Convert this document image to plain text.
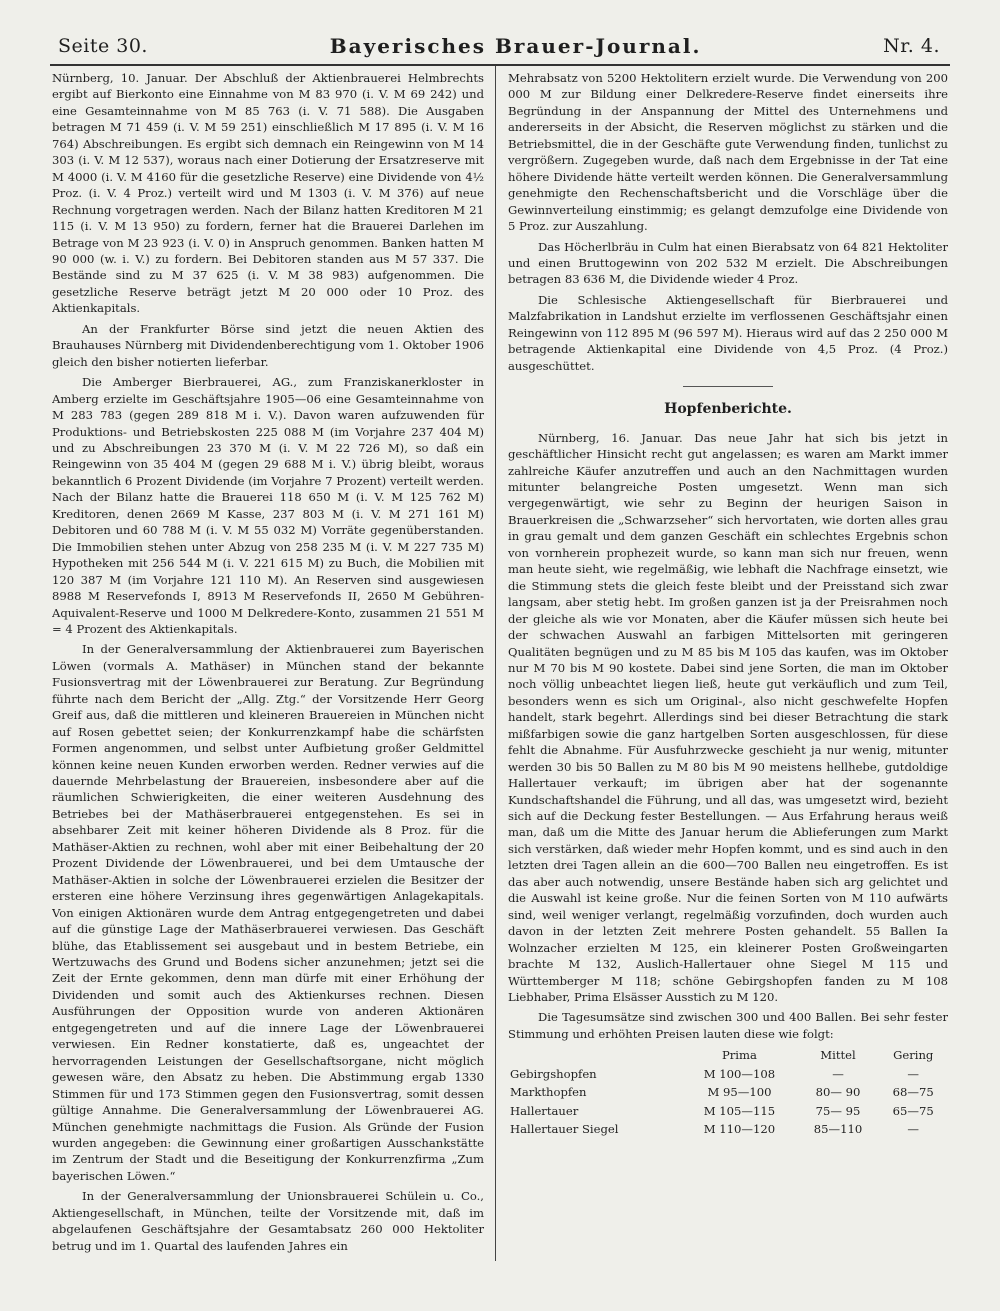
Seite 30.	Bayerisches Brauer-Journal.	Nr. 4.

Nürnberg, 10. Januar. Der Abschluß der Aktienbrauerei Helmbrechts ergibt auf Bierkonto eine Einnahme von M 83 970 (i. V. M 69 242) und eine Gesamteinnahme von M 85 763 (i. V. 71 588). Die Ausgaben betragen M 71 459 (i. V. M 59 251) einschließlich M 17 895 (i. V. M 16 764) Abschreibungen. Es ergibt sich demnach ein Reingewinn von M 14 303 (i. V. M 12 537), woraus nach einer Dotierung der Ersatzreserve mit M 4000 (i. V. M 4160 für die gesetzliche Reserve) eine Dividende von 4½ Proz. (i. V. 4 Proz.) verteilt wird und M 1303 (i. V. M 376) auf neue Rechnung vorgetragen werden. Nach der Bilanz hatten Kreditoren M 21 115 (i. V. M 13 950) zu fordern, ferner hat die Brauerei Darlehen im Betrage von M 23 923 (i. V. 0) in Anspruch genommen. Banken hatten M 90 000 (w. i. V.) zu fordern. Bei Debitoren standen aus M 57 337. Die Bestände sind zu M 37 625 (i. V. M 38 983) aufgenommen. Die gesetzliche Reserve beträgt jetzt M 20 000 oder 10 Proz. des Aktienkapitals.

An der Frankfurter Börse sind jetzt die neuen Aktien des Brauhauses Nürnberg mit Dividendenberechtigung vom 1. Oktober 1906 gleich den bisher notierten lieferbar.

Die Amberger Bierbrauerei, AG., zum Franziskanerkloster in Amberg erzielte im Geschäftsjahre 1905—06 eine Gesamteinnahme von M 283 783 (gegen 289 818 M i. V.). Davon waren aufzuwenden für Produktions- und Betriebskosten 225 088 M (im Vorjahre 237 404 M) und zu Abschreibungen 23 370 M (i. V. M 22 726 M), so daß ein Reingewinn von 35 404 M (gegen 29 688 M i. V.) übrig bleibt, woraus bekanntlich 6 Prozent Dividende (im Vorjahre 7 Prozent) verteilt werden. Nach der Bilanz hatte die Brauerei 118 650 M (i. V. M 125 762 M) Kreditoren, denen 2669 M Kasse, 237 803 M (i. V. M 271 161 M) Debitoren und 60 788 M (i. V. M 55 032 M) Vorräte gegenüberstanden. Die Immobilien stehen unter Abzug von 258 235 M (i. V. M 227 735 M) Hypotheken mit 256 544 M (i. V. 221 615 M) zu Buch, die Mobilien mit 120 387 M (im Vorjahre 121 110 M). An Reserven sind ausgewiesen 8988 M Reservefonds I, 8913 M Reservefonds II, 2650 M Gebühren-Aquivalent-Reserve und 1000 M Delkredere-Konto, zusammen 21 551 M = 4 Prozent des Aktienkapitals.

In der Generalversammlung der Aktienbrauerei zum Bayerischen Löwen (vormals A. Mathäser) in München stand der bekannte Fusionsvertrag mit der Löwenbrauerei zur Beratung. Zur Begründung führte nach dem Bericht der „Allg. Ztg.“ der Vorsitzende Herr Georg Greif aus, daß die mittleren und kleineren Brauereien in München nicht auf Rosen gebettet seien; der Konkurrenzkampf habe die schärfsten Formen angenommen, und selbst unter Aufbietung großer Geldmittel können keine neuen Kunden erworben werden. Redner verwies auf die dauernde Mehrbelastung der Brauereien, insbesondere aber auf die räumlichen Schwierigkeiten, die einer weiteren Ausdehnung des Betriebes bei der Mathäserbrauerei entgegenstehen. Es sei in absehbarer Zeit mit keiner höheren Dividende als 8 Proz. für die Mathäser-Aktien zu rechnen, wohl aber mit einer Beibehaltung der 20 Prozent Dividende der Löwenbrauerei, und bei dem Umtausche der Mathäser-Aktien in solche der Löwenbrauerei erzielen die Besitzer der ersteren eine höhere Verzinsung ihres gegenwärtigen Anlagekapitals. Von einigen Aktionären wurde dem Antrag entgegengetreten und dabei auf die günstige Lage der Mathäserbrauerei verwiesen. Das Geschäft blühe, das Etablissement sei ausgebaut und in bestem Betriebe, ein Wertzuwachs des Grund und Bodens sicher anzunehmen; jetzt sei die Zeit der Ernte gekommen, denn man dürfe mit einer Erhöhung der Dividenden und somit auch des Aktienkurses rechnen. Diesen Ausführungen der Opposition wurde von anderen Aktionären entgegengetreten und auf die innere Lage der Löwenbrauerei verwiesen. Ein Redner konstatierte, daß es, ungeachtet der hervorragenden Leistungen der Gesellschaftsorgane, nicht möglich gewesen wäre, den Absatz zu heben. Die Abstimmung ergab 1330 Stimmen für und 173 Stimmen gegen den Fusionsvertrag, somit dessen gültige Annahme. Die Generalversammlung der Löwenbrauerei AG. München genehmigte nachmittags die Fusion. Als Gründe der Fusion wurden angegeben: die Gewinnung einer großartigen Ausschankstätte im Zentrum der Stadt und die Beseitigung der Konkurrenzfirma „Zum bayerischen Löwen.“

In der Generalversammlung der Unionsbrauerei Schülein u. Co., Aktiengesellschaft, in München, teilte der Vorsitzende mit, daß im abgelaufenen Geschäftsjahre der Gesamtabsatz 260 000 Hektoliter betrug und im 1. Quartal des laufenden Jahres ein

Mehrabsatz von 5200 Hektolitern erzielt wurde. Die Verwendung von 200 000 M zur Bildung einer Delkredere-Reserve findet einerseits ihre Begründung in der Anspannung der Mittel des Unternehmens und andererseits in der Absicht, die Reserven möglichst zu stärken und die Betriebsmittel, die in der Geschäfte gute Verwendung finden, tunlichst zu vergrößern. Zugegeben wurde, daß nach dem Ergebnisse in der Tat eine höhere Dividende hätte verteilt werden können. Die Generalversammlung genehmigte den Rechenschaftsbericht und die Vorschläge über die Gewinnverteilung einstimmig; es gelangt demzufolge eine Dividende von 5 Proz. zur Auszahlung.

Das Höcherlbräu in Culm hat einen Bierabsatz von 64 821 Hektoliter und einen Bruttogewinn von 202 532 M erzielt. Die Abschreibungen betragen 83 636 M, die Dividende wieder 4 Proz.

Die Schlesische Aktiengesellschaft für Bierbrauerei und Malzfabrikation in Landshut erzielte im verflossenen Geschäftsjahr einen Reingewinn von 112 895 M (96 597 M). Hieraus wird auf das 2 250 000 M betragende Aktienkapital eine Dividende von 4,5 Proz. (4 Proz.) ausgeschüttet.

Hopfenberichte.

Nürnberg, 16. Januar. Das neue Jahr hat sich bis jetzt in geschäftlicher Hinsicht recht gut angelassen; es waren am Markt immer zahlreiche Käufer anzutreffen und auch an den Nachmittagen wurden mitunter belangreiche Posten umgesetzt. Wenn man sich vergegenwärtigt, wie sehr zu Beginn der heurigen Saison in Brauerkreisen die „Schwarzseher“ sich hervortaten, wie dorten alles grau in grau gemalt und dem ganzen Geschäft ein schlechtes Ergebnis schon von vornherein prophezeit wurde, so kann man sich nur freuen, wenn man heute sieht, wie regelmäßig, wie lebhaft die Nachfrage einsetzt, wie die Stimmung stets die gleich feste bleibt und der Preisstand sich zwar langsam, aber stetig hebt. Im großen ganzen ist ja der Preisrahmen noch der gleiche als wie vor Monaten, aber die Käufer müssen sich heute bei der schwachen Auswahl an farbigen Mittelsorten mit geringeren Qualitäten begnügen und zu M 85 bis M 105 das kaufen, was im Oktober nur M 70 bis M 90 kostete. Dabei sind jene Sorten, die man im Oktober noch völlig unbeachtet liegen ließ, heute gut verkäuflich und zum Teil, besonders wenn es sich um Original-, also nicht geschwefelte Hopfen handelt, stark begehrt. Allerdings sind bei dieser Betrachtung die stark mißfarbigen sowie die ganz hartgelben Sorten ausgeschlossen, für diese fehlt die Abnahme. Für Ausfuhrzwecke geschieht ja nur wenig, mitunter werden 30 bis 50 Ballen zu M 80 bis M 90 meistens hellhebe, gutdoldige Hallertauer verkauft; im übrigen aber hat der sogenannte Kundschaftshandel die Führung, und all das, was umgesetzt wird, bezieht sich auf die Deckung fester Bestellungen. — Aus Erfahrung heraus weiß man, daß um die Mitte des Januar herum die Ablieferungen zum Markt sich verstärken, daß wieder mehr Hopfen kommt, und es sind auch in den letzten drei Tagen allein an die 600—700 Ballen neu eingetroffen. Es ist das aber auch notwendig, unsere Bestände haben sich arg gelichtet und die Auswahl ist keine große. Nur die feinen Sorten von M 110 aufwärts sind, weil weniger verlangt, regelmäßig vorzufinden, doch wurden auch davon in der letzten Zeit mehrere Posten gehandelt. 55 Ballen Ia Wolnzacher erzielten M 125, ein kleinerer Posten Großweingarten brachte M 132, Auslich-Hallertauer ohne Siegel M 115 und Württemberger M 118; schöne Gebirgshopfen fanden zu M 108 Liebhaber, Prima Elsässer Ausstich zu M 120.

Die Tagesumsätze sind zwischen 300 und 400 Ballen. Bei sehr fester Stimmung und erhöhten Preisen lauten diese wie folgt:

	Prima	Mittel	Gering
Gebirgshopfen	M 100—108	—	—
Markthopfen	M 95—100	80— 90	68—75
Hallertauer	M 105—115	75— 95	65—75
Hallertauer Siegel	M 110—120	85—110	—
